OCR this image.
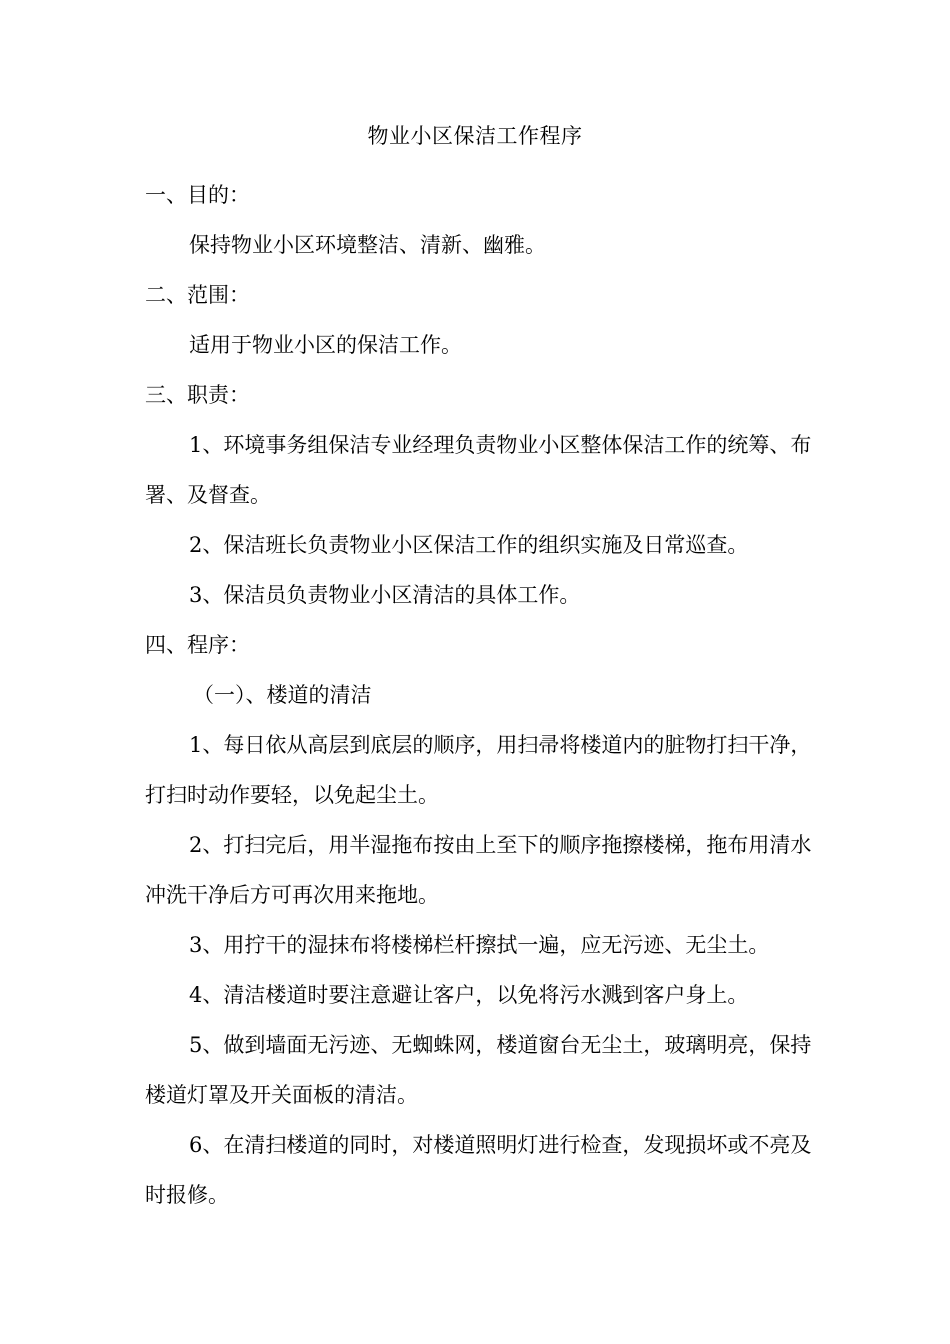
物业小区保洁工作程序

一、目的：

保持物业小区环境整洁、清新、幽雅。

二、范围：

适用于物业小区的保洁工作。

三、职责：

1、环境事务组保洁专业经理负责物业小区整体保洁工作的统筹、布署、及督查。

2、保洁班长负责物业小区保洁工作的组织实施及日常巡查。

3、保洁员负责物业小区清洁的具体工作。

四、程序：

（一）、楼道的清洁

1、每日依从高层到底层的顺序，用扫帚将楼道内的脏物打扫干净，打扫时动作要轻，以免起尘土。

2、打扫完后，用半湿拖布按由上至下的顺序拖擦楼梯，拖布用清水冲洗干净后方可再次用来拖地。

3、用拧干的湿抹布将楼梯栏杆擦拭一遍，应无污迹、无尘土。

4、清洁楼道时要注意避让客户，以免将污水溅到客户身上。

5、做到墙面无污迹、无蜘蛛网，楼道窗台无尘土，玻璃明亮，保持楼道灯罩及开关面板的清洁。

6、在清扫楼道的同时，对楼道照明灯进行检查，发现损坏或不亮及时报修。
